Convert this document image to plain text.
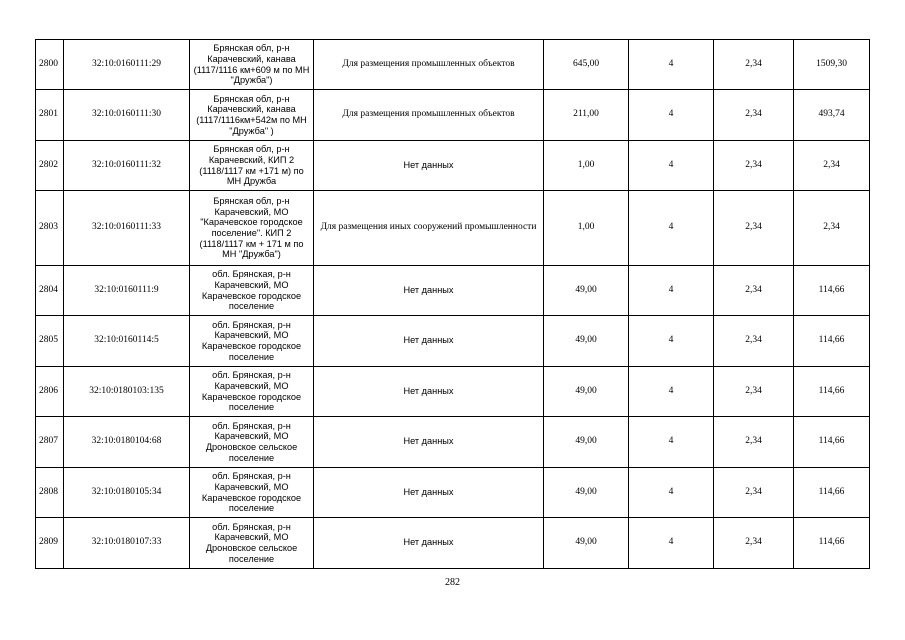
2800	32:10:0160111:29	Брянская обл, р-н Карачевский, канава (1117/1116 км+609 м по МН "Дружба")	Для размещения промышленных объектов	645,00	4	2,34	1509,30
2801	32:10:0160111:30	Брянская обл, р-н Карачевский, канава (1117/1116км+542м по МН "Дружба" )	Для размещения промышленных объектов	211,00	4	2,34	493,74
2802	32:10:0160111:32	Брянская обл, р-н Карачевский, КИП 2 (1118/1117 км +171 м) по МН Дружба	Нет данных	1,00	4	2,34	2,34
2803	32:10:0160111:33	Брянская обл, р-н Карачевский, МО "Карачевское городское поселение". КИП 2 (1118/1117 км + 171 м по МН "Дружба")	Для размещения иных сооружений промышленности	1,00	4	2,34	2,34
2804	32:10:0160111:9	обл. Брянская, р-н Карачевский, МО Карачевское городское поселение	Нет данных	49,00	4	2,34	114,66
2805	32:10:0160114:5	обл. Брянская, р-н Карачевский, МО Карачевское городское поселение	Нет данных	49,00	4	2,34	114,66
2806	32:10:0180103:135	обл. Брянская, р-н Карачевский, МО Карачевское городское поселение	Нет данных	49,00	4	2,34	114,66
2807	32:10:0180104:68	обл. Брянская, р-н Карачевский, МО Дроновское сельское поселение	Нет данных	49,00	4	2,34	114,66
2808	32:10:0180105:34	обл. Брянская, р-н Карачевский, МО Карачевское городское поселение	Нет данных	49,00	4	2,34	114,66
2809	32:10:0180107:33	обл. Брянская, р-н Карачевский, МО Дроновское сельское поселение	Нет данных	49,00	4	2,34	114,66
282
